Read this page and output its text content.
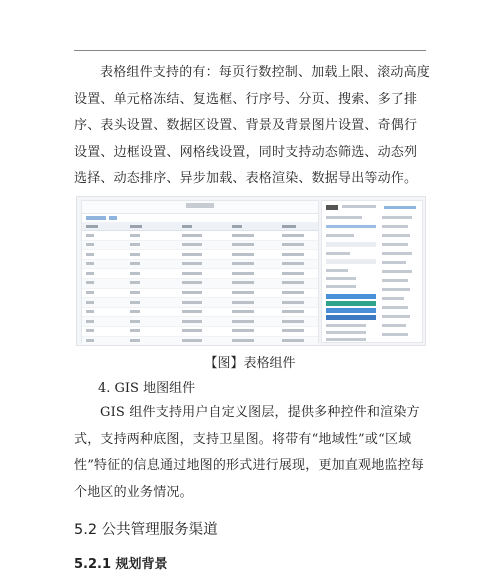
表格组件支持的有：每页行数控制、加载上限、滚动高度设置、单元格冻结、复选框、行序号、分页、搜索、多了排序、表头设置、数据区设置、背景及背景图片设置、奇偶行设置、边框设置、网格线设置，同时支持动态筛选、动态列选择、动态排序、异步加载、表格渲染、数据导出等动作。

【图】表格组件

4. GIS 地图组件

GIS 组件支持用户自定义图层，提供多种控件和渲染方式，支持两种底图，支持卫星图。将带有“地域性”或“区域性”特征的信息通过地图的形式进行展现，更加直观地监控每个地区的业务情况。

5.2 公共管理服务渠道

5.2.1 规划背景
